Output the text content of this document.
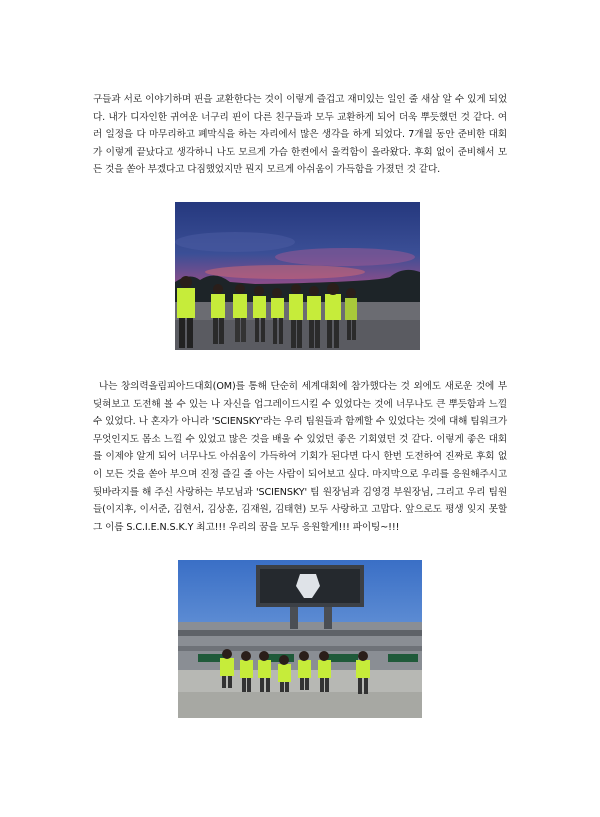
구들과 서로 이야기하며 핀을 교환한다는 것이 이렇게 즐겁고 재미있는 일인 줄 새삼 알 수 있게 되었다. 내가 디자인한 귀여운 너구리 핀이 다른 친구들과 모두 교환하게 되어 더욱 뿌듯했던 것 같다. 여러 일정을 다 마무리하고 폐막식을 하는 자리에서 많은 생각을 하게 되었다. 7개월 동안 준비한 대회가 이렇게 끝났다고 생각하니 나도 모르게 가슴 한켠에서 울컥함이 올라왔다. 후회 없이 준비해서 모든 것을 쏟아 부겠다고 다짐했었지만 뭔지 모르게 아쉬움이 가득함을 가졌던 것 같다.

나는 창의력올림피아드대회(OM)를 통해 단순히 세계대회에 참가했다는 것 외에도 새로운 것에 부딪혀보고 도전해 볼 수 있는 나 자신을 업그레이드시킬 수 있었다는 것에 너무나도 큰 뿌듯함과 느낄 수 있었다. 나 혼자가 아니라 'SCIENSKY'라는 우리 팀원들과 함께할 수 있었다는 것에 대해 팀워크가 무엇인지도 몸소 느낄 수 있었고 많은 것을 배울 수 있었던 좋은 기회였던 것 같다. 이렇게 좋은 대회를 이제야 알게 되어 너무나도 아쉬움이 가득하여 기회가 된다면 다시 한번 도전하여 진짜로 후회 없이 모든 것을 쏟아 부으며 진정 즐길 줄 아는 사람이 되어보고 싶다. 마지막으로 우리를 응원해주시고 뒷바라지를 해 주신 사랑하는 부모님과 'SCIENSKY' 팀 원장님과 김영경 부원장님, 그리고 우리 팀원들(이지후, 이서준, 김현서, 김상훈, 김재원, 김태현) 모두 사랑하고 고맙다. 앞으로도 평생 잊지 못할 그 이름 S.C.I.E.N.S.K.Y 최고!!! 우리의 꿈을 모두 응원할게!!! 파이팅~!!!
